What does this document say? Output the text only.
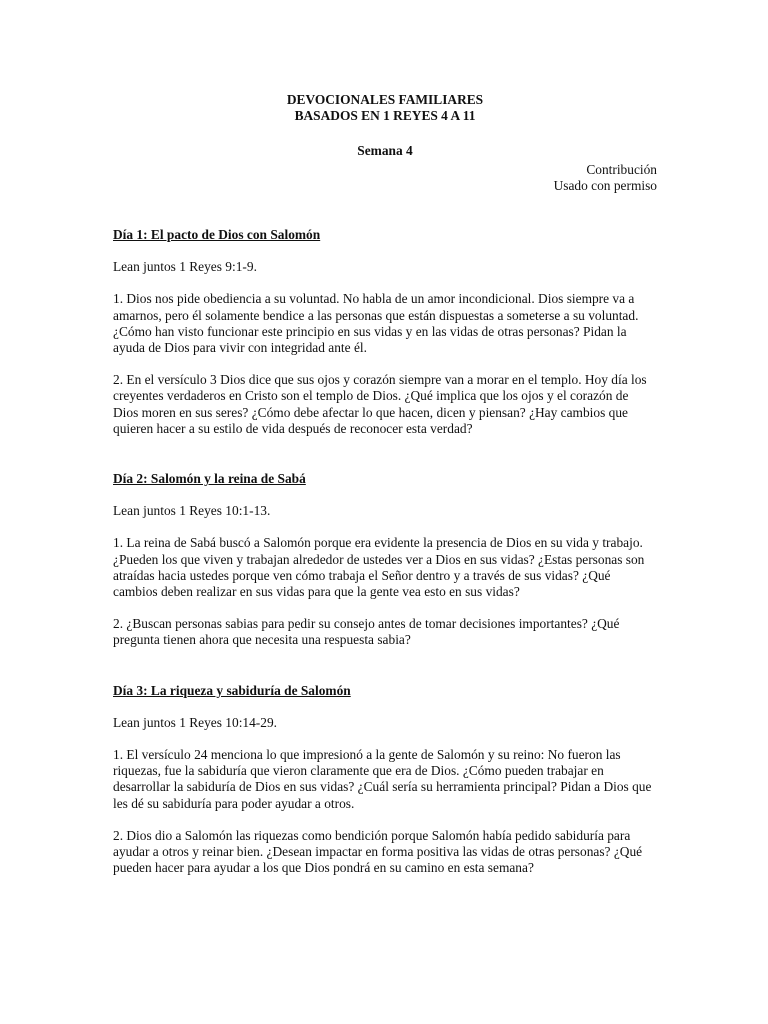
DEVOCIONALES FAMILIARES

BASADOS EN 1 REYES 4 A 11

Semana 4

Contribución

Usado con permiso

Día 1: El pacto de Dios con Salomón

Lean juntos 1 Reyes 9:1-9.

1. Dios nos pide obediencia a su voluntad. No habla de un amor incondicional. Dios siempre va a amarnos, pero él solamente bendice a las personas que están dispuestas a someterse a su voluntad. ¿Cómo han visto funcionar este principio en sus vidas y en las vidas de otras personas? Pidan la ayuda de Dios para vivir con integridad ante él.

2. En el versículo 3 Dios dice que sus ojos y corazón siempre van a morar en el templo. Hoy día los creyentes verdaderos en Cristo son el templo de Dios. ¿Qué implica que los ojos y el corazón de Dios moren en sus seres? ¿Cómo debe afectar lo que hacen, dicen y piensan? ¿Hay cambios que quieren hacer a su estilo de vida después de reconocer esta verdad?

Día 2: Salomón y la reina de Sabá

Lean juntos 1 Reyes 10:1-13.

1. La reina de Sabá buscó a Salomón porque era evidente la presencia de Dios en su vida y trabajo. ¿Pueden los que viven y trabajan alrededor de ustedes ver a Dios en sus vidas? ¿Estas personas son atraídas hacia ustedes porque ven cómo trabaja el Señor dentro y a través de sus vidas? ¿Qué cambios deben realizar en sus vidas para que la gente vea esto en sus vidas?

2. ¿Buscan personas sabias para pedir su consejo antes de tomar decisiones importantes? ¿Qué pregunta tienen ahora que necesita una respuesta sabia?

Día 3: La riqueza y sabiduría de Salomón

Lean juntos 1 Reyes 10:14-29.

1. El versículo 24 menciona lo que impresionó a la gente de Salomón y su reino: No fueron las riquezas, fue la sabiduría que vieron claramente que era de Dios. ¿Cómo pueden trabajar en desarrollar la sabiduría de Dios en sus vidas? ¿Cuál sería su herramienta principal? Pidan a Dios que les dé su sabiduría para poder ayudar a otros.

2. Dios dio a Salomón las riquezas como bendición porque Salomón había pedido sabiduría para ayudar a otros y reinar bien. ¿Desean impactar en forma positiva las vidas de otras personas? ¿Qué pueden hacer para ayudar a los que Dios pondrá en su camino en esta semana?
